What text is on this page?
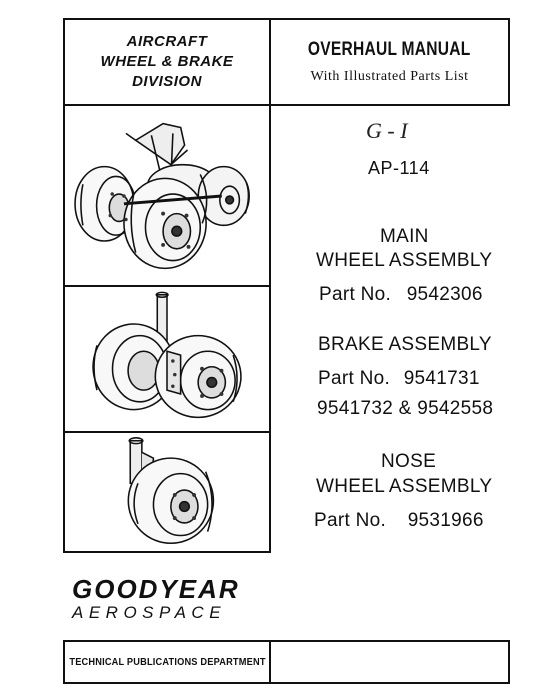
AIRCRAFT
WHEEL & BRAKE
DIVISION
OVERHAUL MANUAL
With Illustrated Parts List
G - I
AP-114
MAIN
WHEEL ASSEMBLY
Part No. 9542306
BRAKE ASSEMBLY
Part No. 9541731
9541732 & 9542558
NOSE
WHEEL ASSEMBLY
Part No. 9531966
GOODYEAR
AEROSPACE
TECHNICAL PUBLICATIONS DEPARTMENT
